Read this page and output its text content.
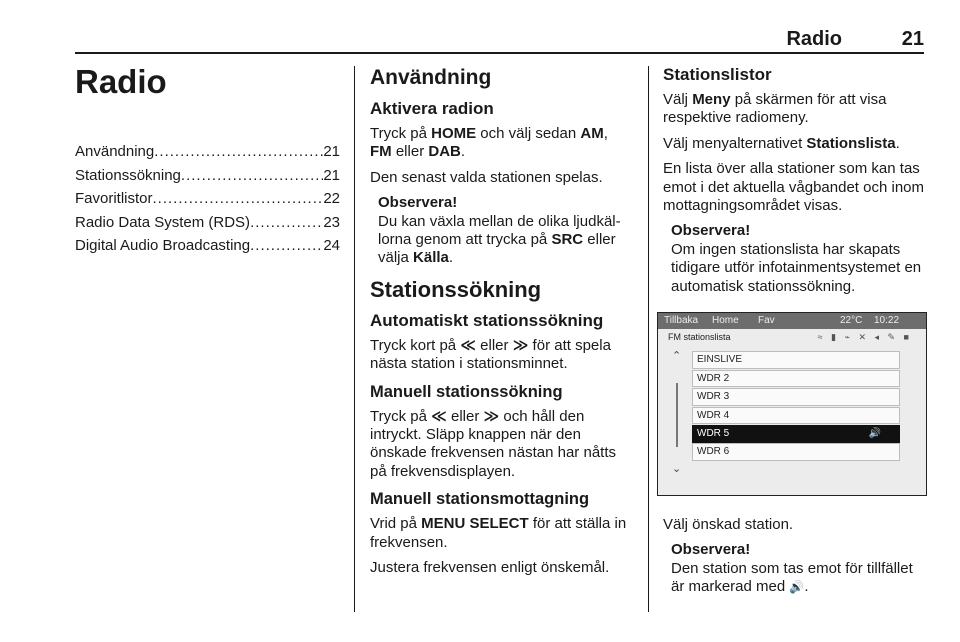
Radio	21
Radio
Användning .....	21
Stationssökning .....	21
Favoritlistor .....	22
Radio Data System (RDS) .....	23
Digital Audio Broadcasting .....	24
Användning
Aktivera radion

Tryck på HOME och välj sedan AM,
FM eller DAB.

Den senast valda stationen spelas.

Observera!
Du kan växla mellan de olika ljudkäl-lorna genom att trycka på SRC eller välja Källa.
Stationssökning
Automatiskt stationssökning

Tryck kort på ≪ eller ≫ för att spela nästa station i stationsminnet.

Manuell stationssökning

Tryck på ≪ eller ≫ och håll den intryckt. Släpp knappen när den önskade frekvensen nästan har nåtts på frekvensdisplayen.

Manuell stationsmottagning

Vrid på MENU SELECT för att ställa in frekvensen.

Justera frekvensen enligt önskemål.

Stationslistor

Välj Meny på skärmen för att visa respektive radiomeny.

Välj menyalternativet Stationslista.

En lista över alla stationer som kan tas emot i det aktuella vågbandet och inom mottagningsområdet visas.

Observera!
Om ingen stationslista har skapats tidigare utför infotainmentsystemet en automatisk stationssökning.
Tillbaka Home Fav	22°C 10:22
FM stationslista	≈ ▮ ⌁ ✕ ◂ ✎ ■
⌃
⌄
EINSLIVE
WDR 2
WDR 3
WDR 4
WDR 5	🔊
WDR 6

Välj önskad station.

Observera!
Den station som tas emot för tillfället är markerad med 🔊.
